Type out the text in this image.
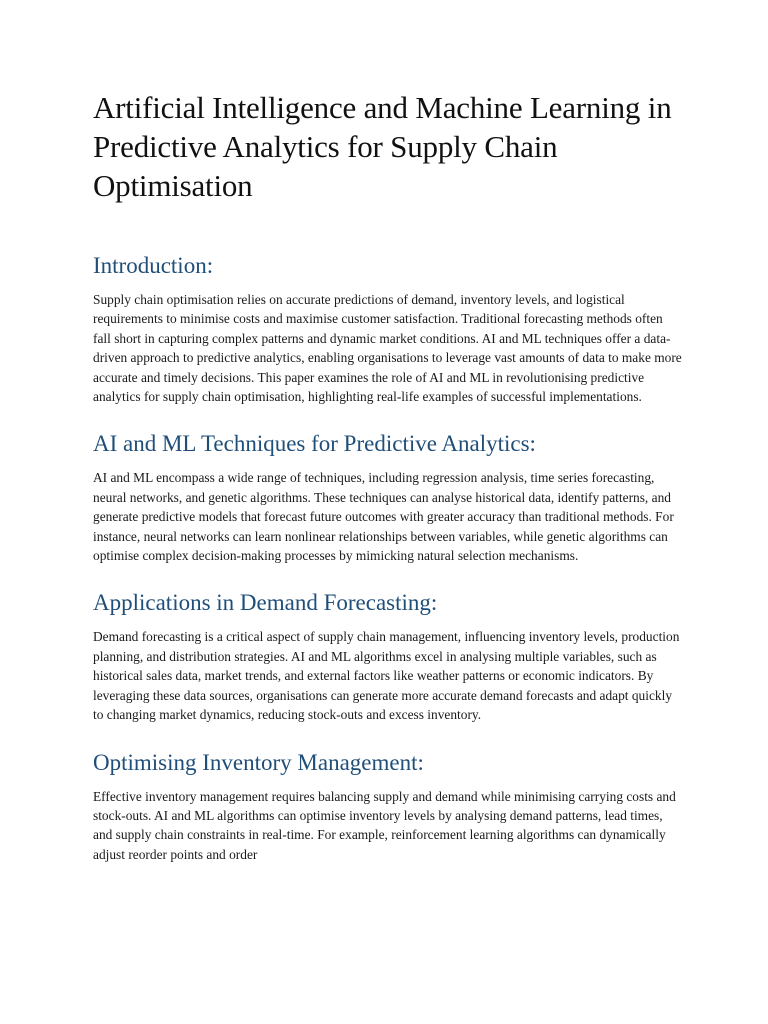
Artificial Intelligence and Machine Learning in Predictive Analytics for Supply Chain Optimisation
Introduction:

Supply chain optimisation relies on accurate predictions of demand, inventory levels, and logistical requirements to minimise costs and maximise customer satisfaction. Traditional forecasting methods often fall short in capturing complex patterns and dynamic market conditions. AI and ML techniques offer a data-driven approach to predictive analytics, enabling organisations to leverage vast amounts of data to make more accurate and timely decisions. This paper examines the role of AI and ML in revolutionising predictive analytics for supply chain optimisation, highlighting real-life examples of successful implementations.

AI and ML Techniques for Predictive Analytics:

AI and ML encompass a wide range of techniques, including regression analysis, time series forecasting, neural networks, and genetic algorithms. These techniques can analyse historical data, identify patterns, and generate predictive models that forecast future outcomes with greater accuracy than traditional methods. For instance, neural networks can learn nonlinear relationships between variables, while genetic algorithms can optimise complex decision-making processes by mimicking natural selection mechanisms.

Applications in Demand Forecasting:

Demand forecasting is a critical aspect of supply chain management, influencing inventory levels, production planning, and distribution strategies. AI and ML algorithms excel in analysing multiple variables, such as historical sales data, market trends, and external factors like weather patterns or economic indicators. By leveraging these data sources, organisations can generate more accurate demand forecasts and adapt quickly to changing market dynamics, reducing stock-outs and excess inventory.

Optimising Inventory Management:

Effective inventory management requires balancing supply and demand while minimising carrying costs and stock-outs. AI and ML algorithms can optimise inventory levels by analysing demand patterns, lead times, and supply chain constraints in real-time. For example, reinforcement learning algorithms can dynamically adjust reorder points and order
